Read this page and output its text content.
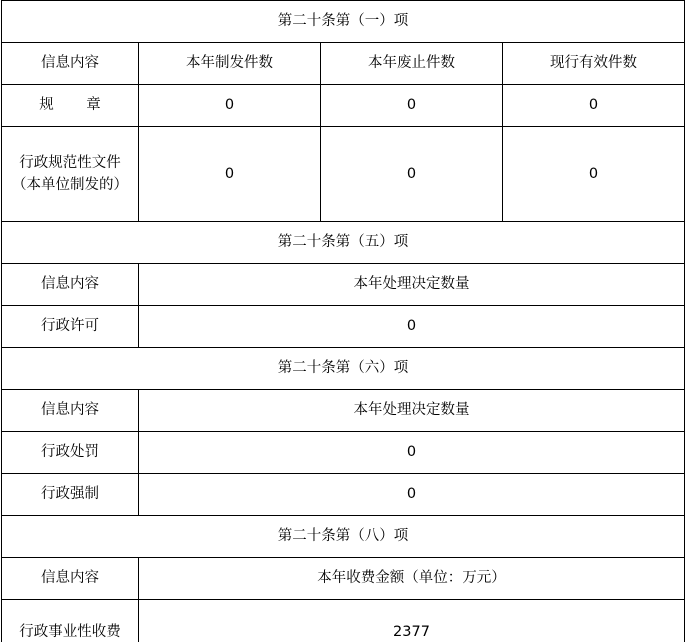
第二十条第（一）项			
信息内容	本年制发件数	本年废止件数	现行有效件数
规 章	0	0	0
行政规范性文件（本单位制发的）	0	0	0
第二十条第（五）项			
信息内容	本年处理决定数量		
行政许可	0		
第二十条第（六）项			
信息内容	本年处理决定数量		
行政处罚	0		
行政强制	0		
第二十条第（八）项			
信息内容	本年收费金额（单位：万元）		
行政事业性收费	2377		
